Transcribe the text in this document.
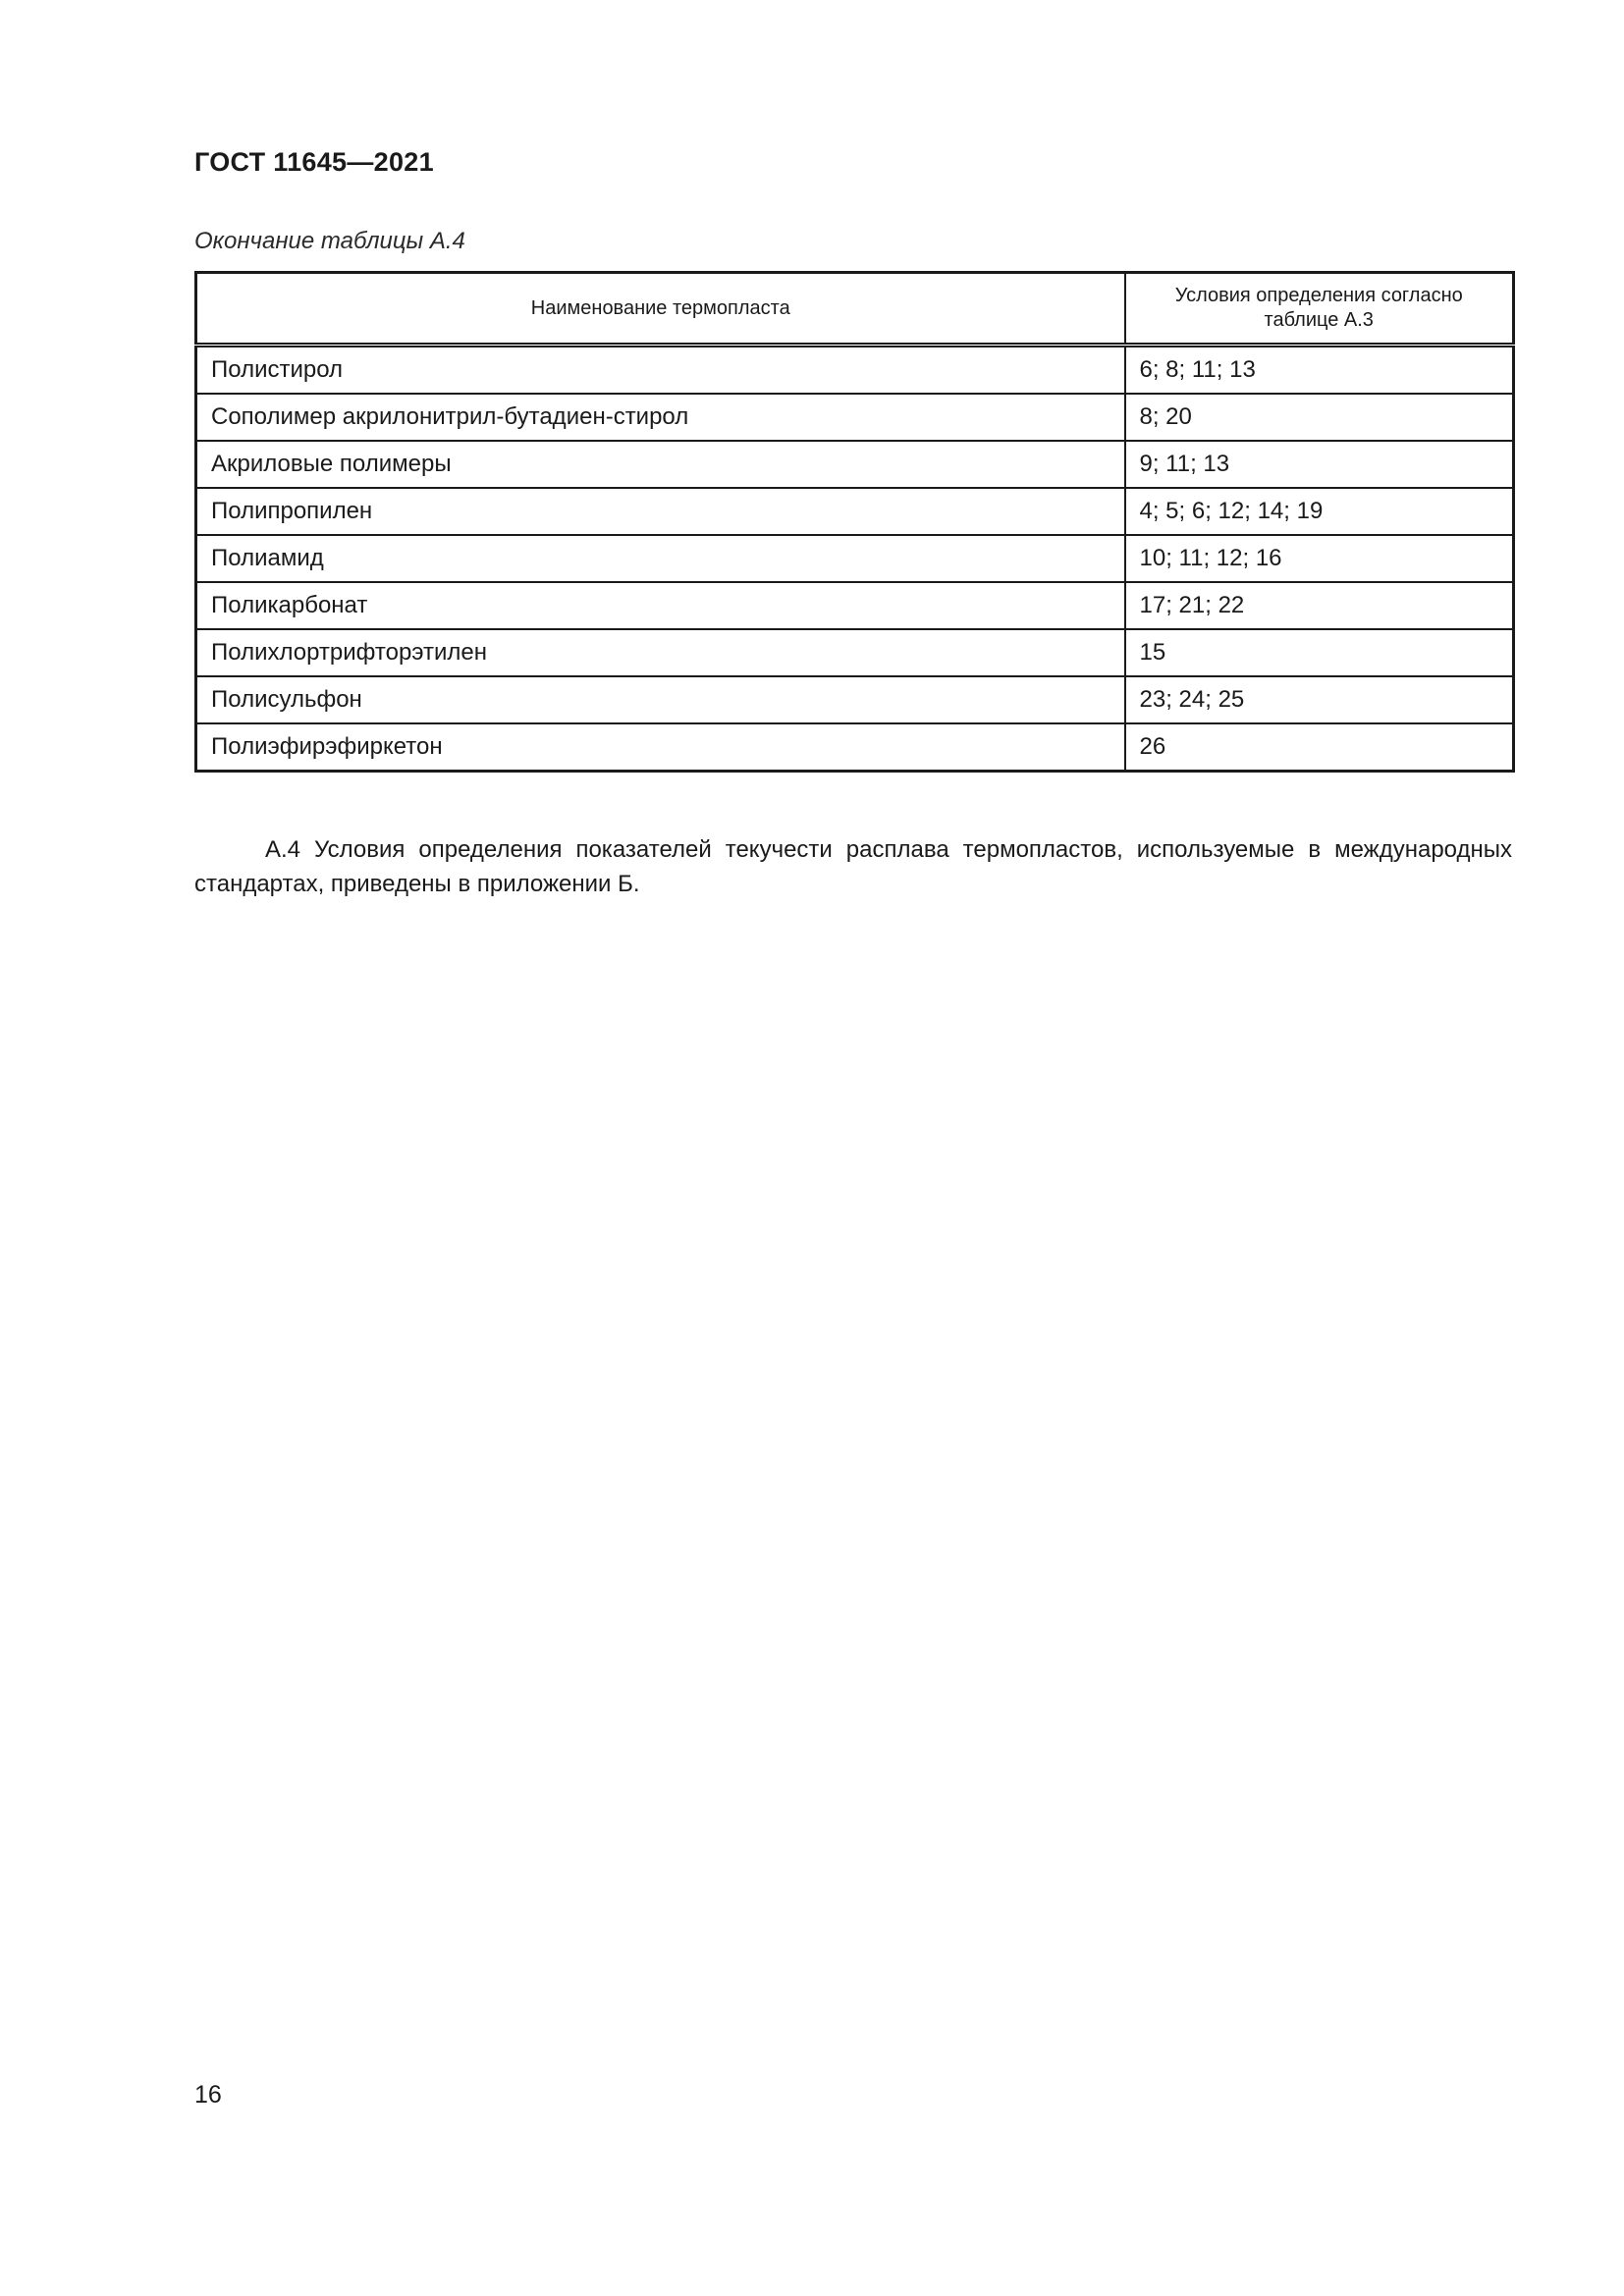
ГОСТ 11645—2021
Окончание таблицы А.4
Наименование термопласта	Условия определения согласно таблице А.3
Полистирол	6; 8; 11; 13
Сополимер акрилонитрил-бутадиен-стирол	8; 20
Акриловые полимеры	9; 11; 13
Полипропилен	4; 5; 6; 12; 14; 19
Полиамид	10; 11; 12; 16
Поликарбонат	17; 21; 22
Полихлортрифторэтилен	15
Полисульфон	23; 24; 25
Полиэфирэфиркетон	26

А.4 Условия определения показателей текучести расплава термопластов, используемые в международных стандартах, приведены в приложении Б.

16
